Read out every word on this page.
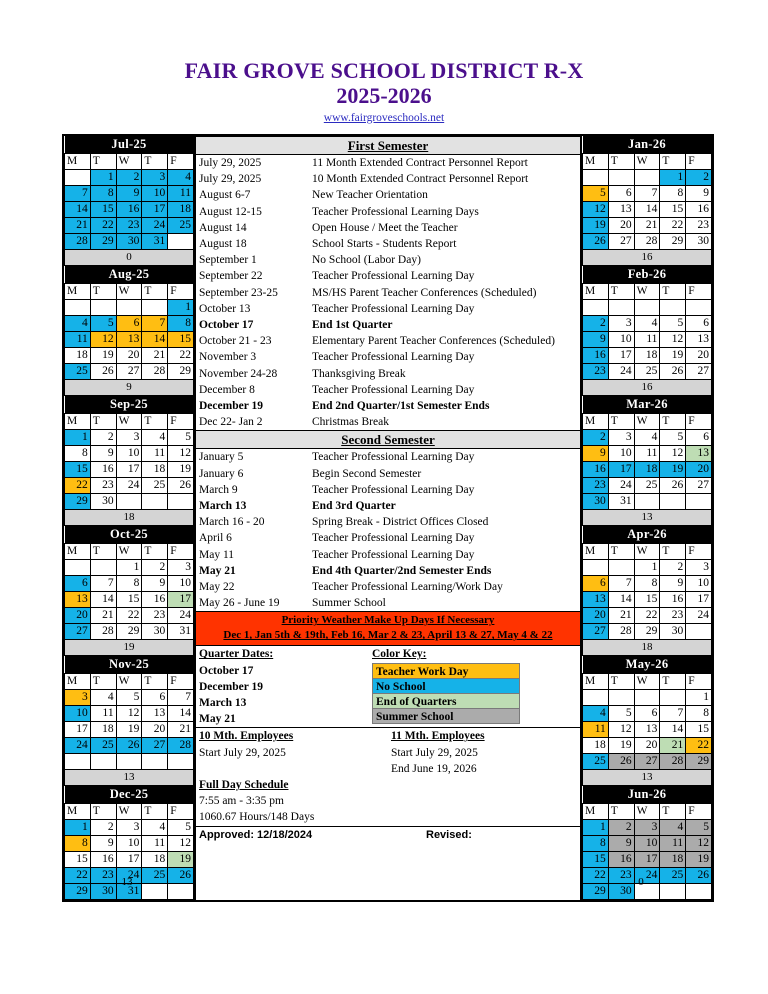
FAIR GROVE SCHOOL DISTRICT R-X
2025-2026
www.fairgroveschools.net
Jul-25
M	T	W	T	F
	1	2	3	4
7	8	9	10	11
14	15	16	17	18
21	22	23	24	25
28	29	30	31	
0
Aug-25
M	T	W	T	F
				1
4	5	6	7	8
11	12	13	14	15
18	19	20	21	22
25	26	27	28	29
9
Sep-25
M	T	W	T	F
1	2	3	4	5
8	9	10	11	12
15	16	17	18	19
22	23	24	25	26
29	30			
18
Oct-25
M	T	W	T	F
		1	2	3
6	7	8	9	10
13	14	15	16	17
20	21	22	23	24
27	28	29	30	31
19
Nov-25
M	T	W	T	F
3	4	5	6	7
10	11	12	13	14
17	18	19	20	21
24	25	26	27	28

13
Dec-25
M	T	W	T	F
1	2	3	4	5
8	9	10	11	12
15	16	17	18	19
22	23	24	25	26
29	30	31		

First Semester
July 29, 2025	11 Month Extended Contract Personnel Report
July 29, 2025	10 Month Extended Contract Personnel Report
August 6-7	New Teacher Orientation
August 12-15	Teacher Professional Learning Days
August 14	Open House / Meet the Teacher
August 18	School Starts - Students Report
September 1	No School (Labor Day)
September 22	Teacher Professional Learning Day
September 23-25	MS/HS Parent Teacher Conferences (Scheduled)
October 13	Teacher Professional Learning Day
October 17	End 1st Quarter
October 21 - 23	Elementary Parent Teacher Conferences (Scheduled)
November 3	Teacher Professional Learning Day
November 24-28	Thanksgiving Break
December 8	Teacher Professional Learning Day
December 19	End 2nd Quarter/1st Semester Ends
Dec 22- Jan 2	Christmas Break
Second Semester
January 5	Teacher Professional Learning Day
January 6	Begin Second Semester
March 9	Teacher Professional Learning Day
March 13	End 3rd Quarter
March 16 - 20	Spring Break - District Offices Closed
April 6	Teacher Professional Learning Day
May 11	Teacher Professional Learning Day
May 21	End 4th Quarter/2nd Semester Ends
May 22	Teacher Professional Learning/Work Day
May 26 - June 19	Summer School
Priority Weather Make Up Days If Necessary
Dec 1, Jan 5th & 19th, Feb 16, Mar 2 & 23, April 13 & 27, May 4 & 22
Quarter Dates:
October 17
December 19
March 13
May 21
Color Key:
Teacher Work Day
No School
End of Quarters
Summer School
10 Mth. Employees
Start July 29, 2025
Full Day Schedule
7:55 am - 3:35 pm
1060.67 Hours/148 Days
11 Mth. Employees
Start July 29, 2025
End June 19, 2026
Approved: 12/18/2024	Revised:

Jan-26
M	T	W	T	F
			1	2
5	6	7	8	9
12	13	14	15	16
19	20	21	22	23
26	27	28	29	30
16
Feb-26
M	T	W	T	F

2	3	4	5	6
9	10	11	12	13
16	17	18	19	20
23	24	25	26	27
16
Mar-26
M	T	W	T	F
2	3	4	5	6
9	10	11	12	13
16	17	18	19	20
23	24	25	26	27
30	31			
13
Apr-26
M	T	W	T	F
		1	2	3
6	7	8	9	10
13	14	15	16	17
20	21	22	23	24
27	28	29	30	
18
May-26
M	T	W	T	F
				1
4	5	6	7	8
11	12	13	14	15
18	19	20	21	22
25	26	27	28	29
13
Jun-26
M	T	W	T	F
1	2	3	4	5
8	9	10	11	12
15	16	17	18	19
22	23	24	25	26
29	30			
13	0
